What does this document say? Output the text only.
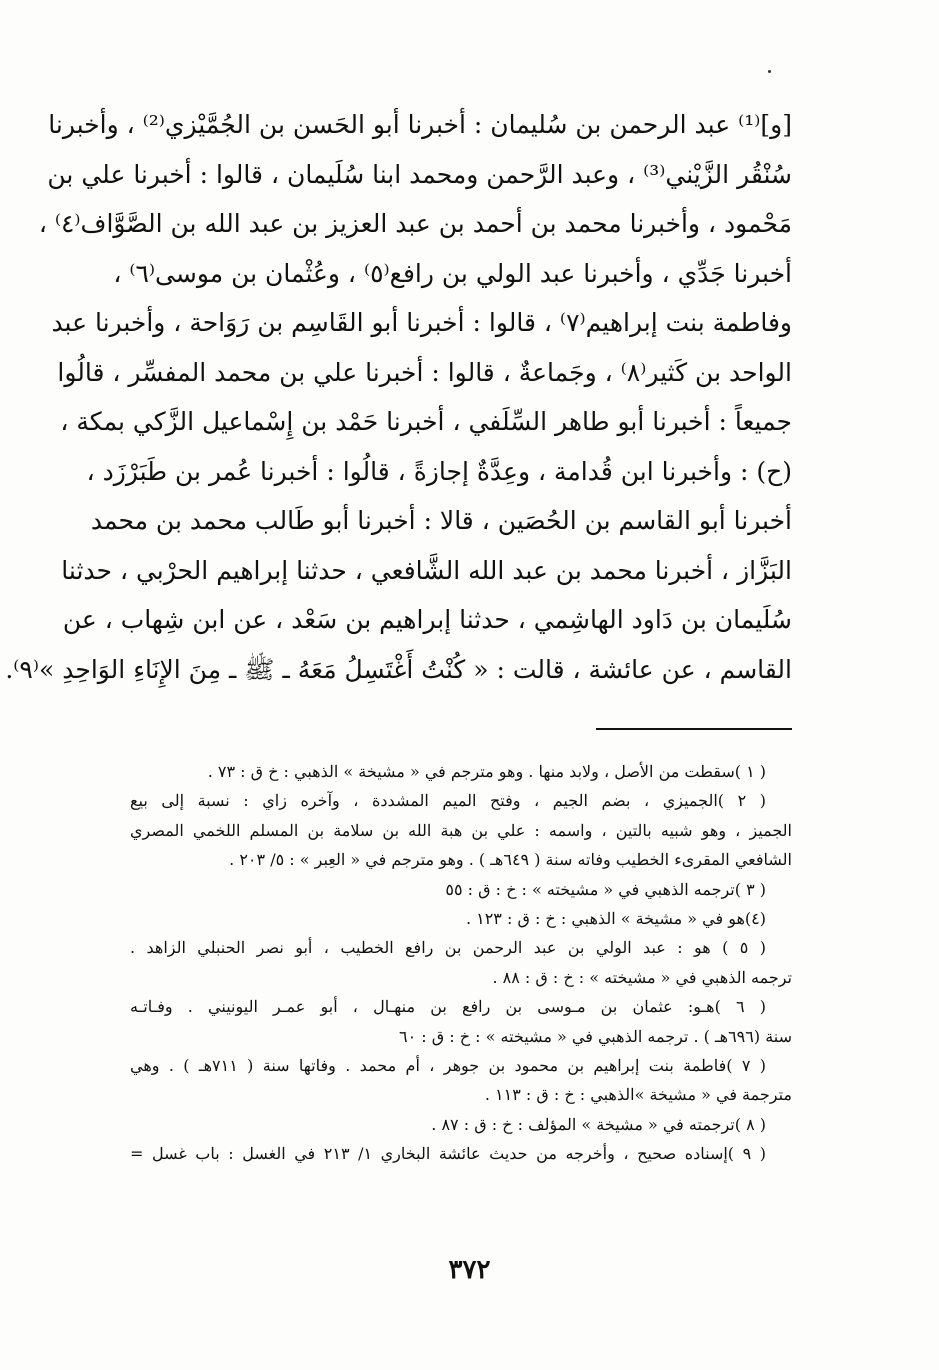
[و]⁽¹⁾ عبد الرحمن بن سُليمان : أخبرنا أبو الحَسن بن الجُمَّيْزي⁽²⁾ ، وأخبرنا
سُنْقُر الزَّيْني⁽³⁾ ، وعبد الرَّحمن ومحمد ابنا سُلَيمان ، قالوا : أخبرنا علي بن
مَحْمود ، وأخبرنا محمد بن أحمد بن عبد العزيز بن عبد الله بن الصَّوَّاف⁽٤⁾ ،
أخبرنا جَدِّي ، وأخبرنا عبد الولي بن رافع⁽٥⁾ ، وعُثْمان بن موسى⁽٦⁾ ،
وفاطمة بنت إبراهيم⁽٧⁾ ، قالوا : أخبرنا أبو القَاسِم بن رَوَاحة ، وأخبرنا عبد
الواحد بن كَثير⁽٨⁾ ، وجَماعةٌ ، قالوا : أخبرنا علي بن محمد المفسِّر ، قالُوا
جميعاً : أخبرنا أبو طاهر السِّلَفي ، أخبرنا حَمْد بن إِسْماعيل الزَّكي بمكة ،
(ح) : وأخبرنا ابن قُدامة ، وعِدَّةٌ إجازةً ، قالُوا : أخبرنا عُمر بن طَبَرْزَد ،
أخبرنا أبو القاسم بن الحُصَين ، قالا : أخبرنا أبو طَالب محمد بن محمد
البَزَّاز ، أخبرنا محمد بن عبد الله الشَّافعي ، حدثنا إبراهيم الحرْبي ، حدثنا
سُلَيمان بن دَاود الهاشِمي ، حدثنا إبراهيم بن سَعْد ، عن ابن شِهاب ، عن
القاسم ، عن عائشة ، قالت : « كُنْتُ أَغْتَسِلُ مَعَهُ ـ ﷺ ـ مِنَ الإِنَاءِ الوَاحِدِ »⁽٩⁾.
( ١ )سقطت من الأصل ، ولابد منها . وهو مترجم في « مشيخة » الذهبي : خ ق : ٧٣ .
( ٢ )الجميزي ، بضم الجيم ، وفتح الميم المشددة ، وآخره زاي : نسبة إلى بيع
الجميز ، وهو شبيه بالتين ، واسمه : علي بن هبة الله بن سلامة بن المسلم اللخمي المصري
الشافعي المقرىء الخطيب وفاته سنة ( ٦٤٩هـ ) . وهو مترجم في « العِبر » : ٥/ ٢٠٣ .
( ٣ )ترجمه الذهبي في « مشيخته » : خ : ق : ٥٥
(٤)هو في « مشيخة » الذهبي : خ : ق : ١٢٣ .
( ٥ ) هو : عبد الولي بن عبد الرحمن بن رافع الخطيب ، أبو نصر الحنبلي الزاهد .
ترجمه الذهبي في « مشيخته » : خ : ق : ٨٨ .
( ٦ )هـو: عثمان بن مـوسى بن رافع بن منهـال ، أبو عمـر اليونيني . وفـاتـه
سنة (٦٩٦هـ ) . ترجمه الذهبي في « مشيخته » : خ : ق : ٦٠
( ٧ )فاطمة بنت إبراهيم بن محمود بن جوهر ، أم محمد . وفاتها سنة ( ٧١١هـ ) . وهي
مترجمة في « مشيخة »الذهبي : خ : ق : ١١٣ .
( ٨ )ترجمته في « مشيخة » المؤلف : خ : ق : ٨٧ .
( ٩ )إسناده صحيح ، وأخرجه من حديث عائشة البخاري ١/ ٢١٣ في الغسل : باب غسل =
٣٧٢
